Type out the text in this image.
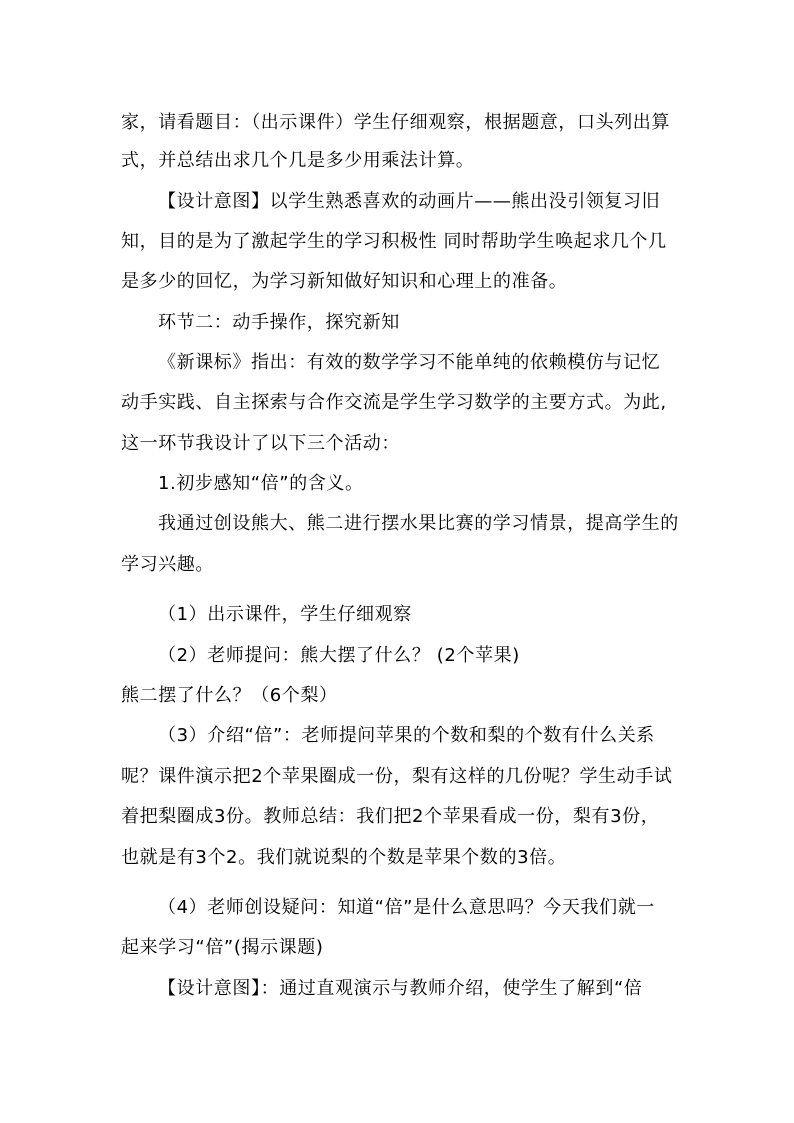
家，请看题目：（出示课件）学生仔细观察，根据题意，口头列出算
式，并总结出求几个几是多少用乘法计算。
【设计意图】以学生熟悉喜欢的动画片——熊出没引领复习旧
知，目的是为了激起学生的学习积极性 同时帮助学生唤起求几个几
是多少的回忆，为学习新知做好知识和心理上的准备。
环节二：动手操作，探究新知
《新课标》指出：有效的数学学习不能单纯的依赖模仿与记忆
动手实践、自主探索与合作交流是学生学习数学的主要方式。为此,
这一环节我设计了以下三个活动：
1.初步感知“倍”的含义。
我通过创设熊大、熊二进行摆水果比赛的学习情景，提高学生的
学习兴趣。
（1）出示课件，学生仔细观察
（2）老师提问：熊大摆了什么？ (2个苹果)
熊二摆了什么？（6个梨）
（3）介绍“倍”：老师提问苹果的个数和梨的个数有什么关系
呢？课件演示把2个苹果圈成一份，梨有这样的几份呢？学生动手试
着把梨圈成3份。教师总结：我们把2个苹果看成一份，梨有3份，
也就是有3个2。我们就说梨的个数是苹果个数的3倍。
（4）老师创设疑问：知道“倍”是什么意思吗？今天我们就一
起来学习“倍”(揭示课题)
【设计意图】：通过直观演示与教师介绍，使学生了解到“倍
